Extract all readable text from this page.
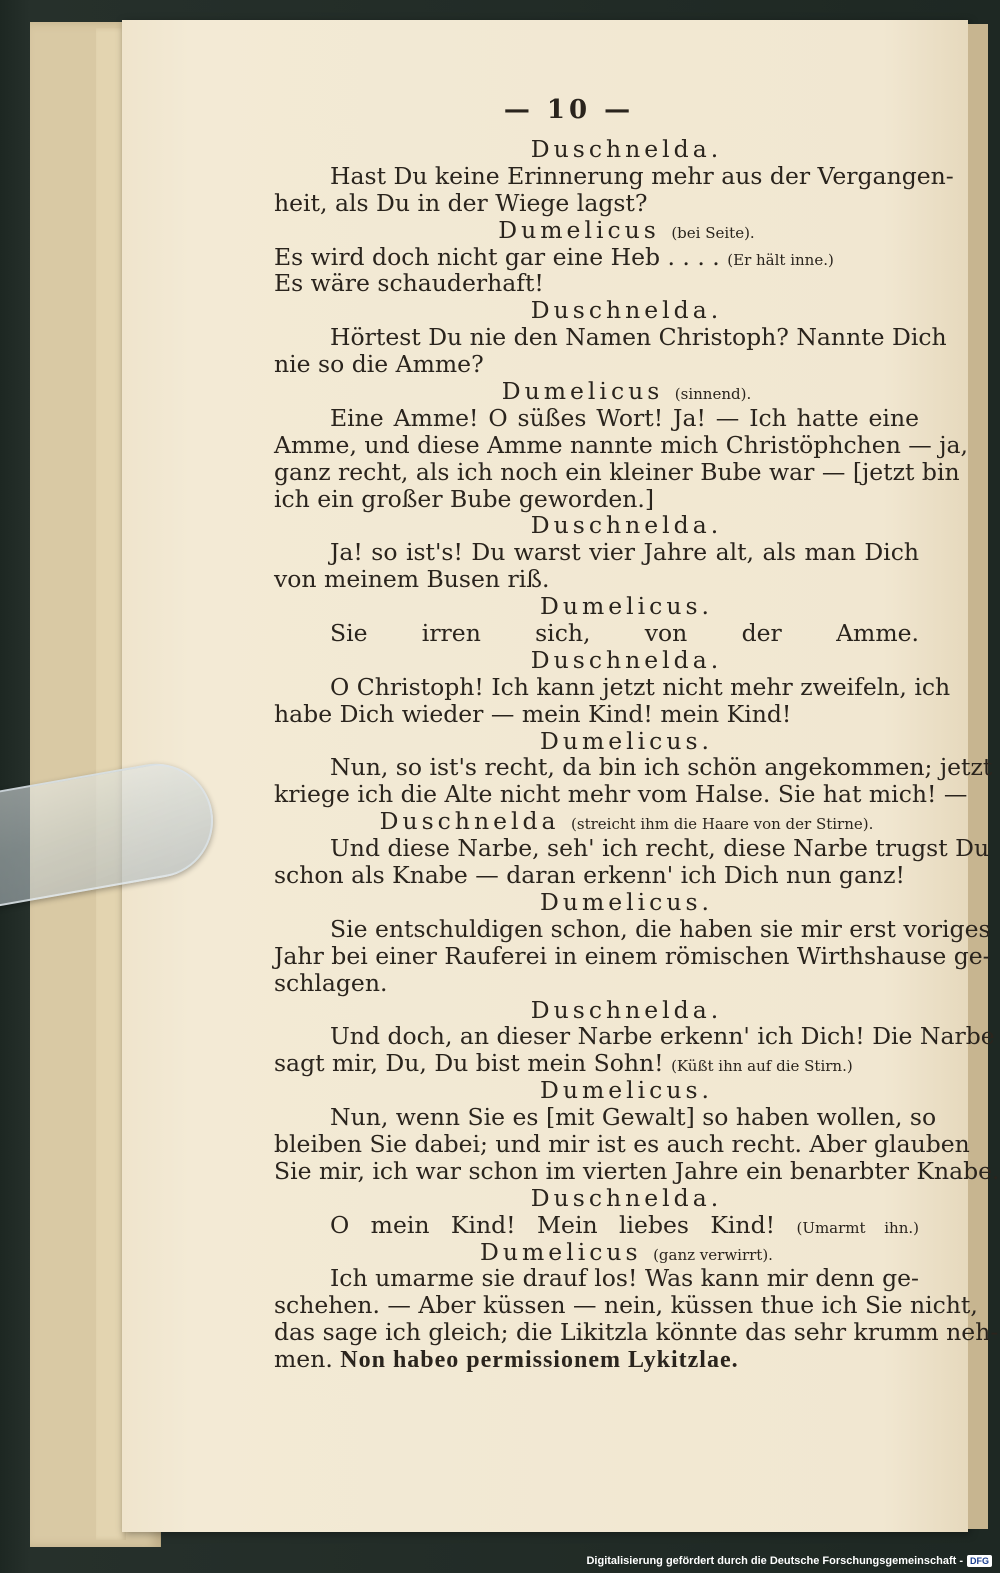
— 10 —
Duschnelda.
Hast Du keine Erinnerung mehr aus der Vergangen-
heit, als Du in der Wiege lagst?
Dumelicus (bei Seite).
Es wird doch nicht gar eine Heb . . . . (Er hält inne.)
Es wäre schauderhaft!
Duschnelda.
Hörtest Du nie den Namen Christoph? Nannte Dich
nie so die Amme?
Dumelicus (sinnend).
Eine Amme! O süßes Wort! Ja! — Ich hatte eine
Amme, und diese Amme nannte mich Christöphchen — ja,
ganz recht, als ich noch ein kleiner Bube war — [jetzt bin
ich ein großer Bube geworden.]
Duschnelda.
Ja! so ist's! Du warst vier Jahre alt, als man Dich
von meinem Busen riß.
Dumelicus.
Sie irren sich, von der Amme.
Duschnelda.
O Christoph! Ich kann jetzt nicht mehr zweifeln, ich
habe Dich wieder — mein Kind! mein Kind!
Dumelicus.
Nun, so ist's recht, da bin ich schön angekommen; jetzt
kriege ich die Alte nicht mehr vom Halse. Sie hat mich! —
Duschnelda (streicht ihm die Haare von der Stirne).
Und diese Narbe, seh' ich recht, diese Narbe trugst Du
schon als Knabe — daran erkenn' ich Dich nun ganz!
Dumelicus.
Sie entschuldigen schon, die haben sie mir erst voriges
Jahr bei einer Rauferei in einem römischen Wirthshause ge-
schlagen.
Duschnelda.
Und doch, an dieser Narbe erkenn' ich Dich! Die Narbe
sagt mir, Du, Du bist mein Sohn! (Küßt ihn auf die Stirn.)
Dumelicus.
Nun, wenn Sie es [mit Gewalt] so haben wollen, so
bleiben Sie dabei; und mir ist es auch recht. Aber glauben
Sie mir, ich war schon im vierten Jahre ein benarbter Knabe.
Duschnelda.
O mein Kind! Mein liebes Kind! (Umarmt ihn.)
Dumelicus (ganz verwirrt).
Ich umarme sie drauf los! Was kann mir denn ge-
schehen. — Aber küssen — nein, küssen thue ich Sie nicht,
das sage ich gleich; die Likitzla könnte das sehr krumm neh-
men. Non habeo permissionem Lykitzlae.
Digitalisierung gefördert durch die Deutsche Forschungsgemeinschaft - DFG
